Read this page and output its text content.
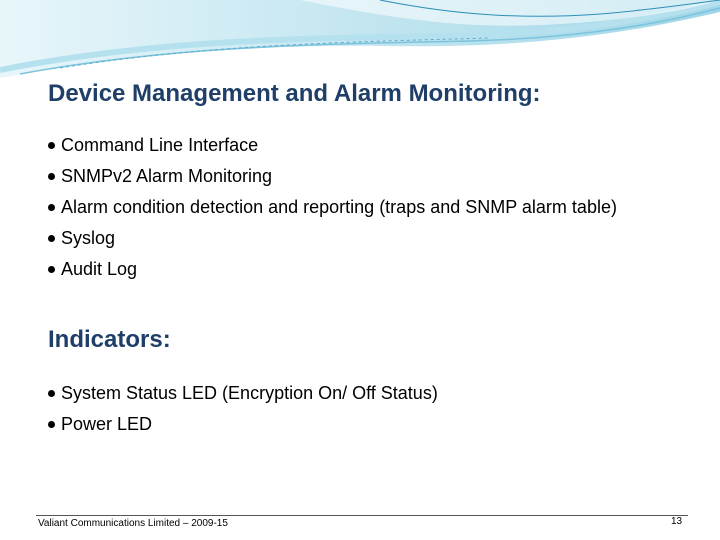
Device Management and Alarm Monitoring:
Command Line Interface
SNMPv2 Alarm Monitoring
Alarm condition detection and reporting (traps and SNMP alarm table)
Syslog
Audit Log
Indicators:
System Status LED (Encryption On/ Off Status)
Power LED
Valiant Communications Limited – 2009-15	13
